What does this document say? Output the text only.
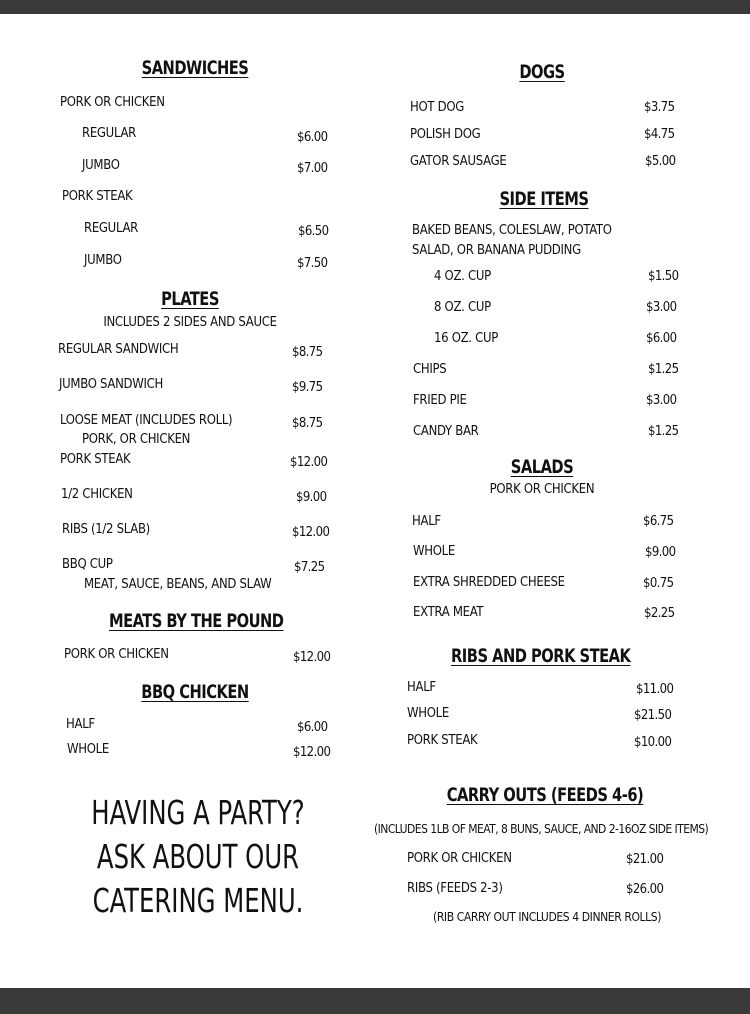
SANDWICHES
PORK OR CHICKEN
REGULAR	$6.00
JUMBO	$7.00
PORK STEAK
REGULAR	$6.50
JUMBO	$7.50
PLATES
INCLUDES 2 SIDES AND SAUCE
REGULAR SANDWICH	$8.75
JUMBO SANDWICH	$9.75
LOOSE MEAT (INCLUDES ROLL)	$8.75
PORK, OR CHICKEN
PORK STEAK	$12.00
1/2 CHICKEN	$9.00
RIBS (1/2 SLAB)	$12.00
BBQ CUP	$7.25
MEAT, SAUCE, BEANS, AND SLAW
MEATS BY THE POUND
PORK OR CHICKEN	$12.00
BBQ CHICKEN
HALF	$6.00
WHOLE	$12.00
HAVING A PARTY?
ASK ABOUT OUR
CATERING MENU.
DOGS
HOT DOG	$3.75
POLISH DOG	$4.75
GATOR SAUSAGE	$5.00
SIDE ITEMS
BAKED BEANS, COLESLAW, POTATO
SALAD, OR BANANA PUDDING
4 OZ. CUP	$1.50
8 OZ. CUP	$3.00
16 OZ. CUP	$6.00
CHIPS	$1.25
FRIED PIE	$3.00
CANDY BAR	$1.25
SALADS
PORK OR CHICKEN
HALF	$6.75
WHOLE	$9.00
EXTRA SHREDDED CHEESE	$0.75
EXTRA MEAT	$2.25
RIBS AND PORK STEAK
HALF	$11.00
WHOLE	$21.50
PORK STEAK	$10.00
CARRY OUTS (FEEDS 4-6)
(INCLUDES 1LB OF MEAT, 8 BUNS, SAUCE, AND 2-16OZ SIDE ITEMS)
PORK OR CHICKEN	$21.00
RIBS (FEEDS 2-3)	$26.00
(RIB CARRY OUT INCLUDES 4 DINNER ROLLS)
